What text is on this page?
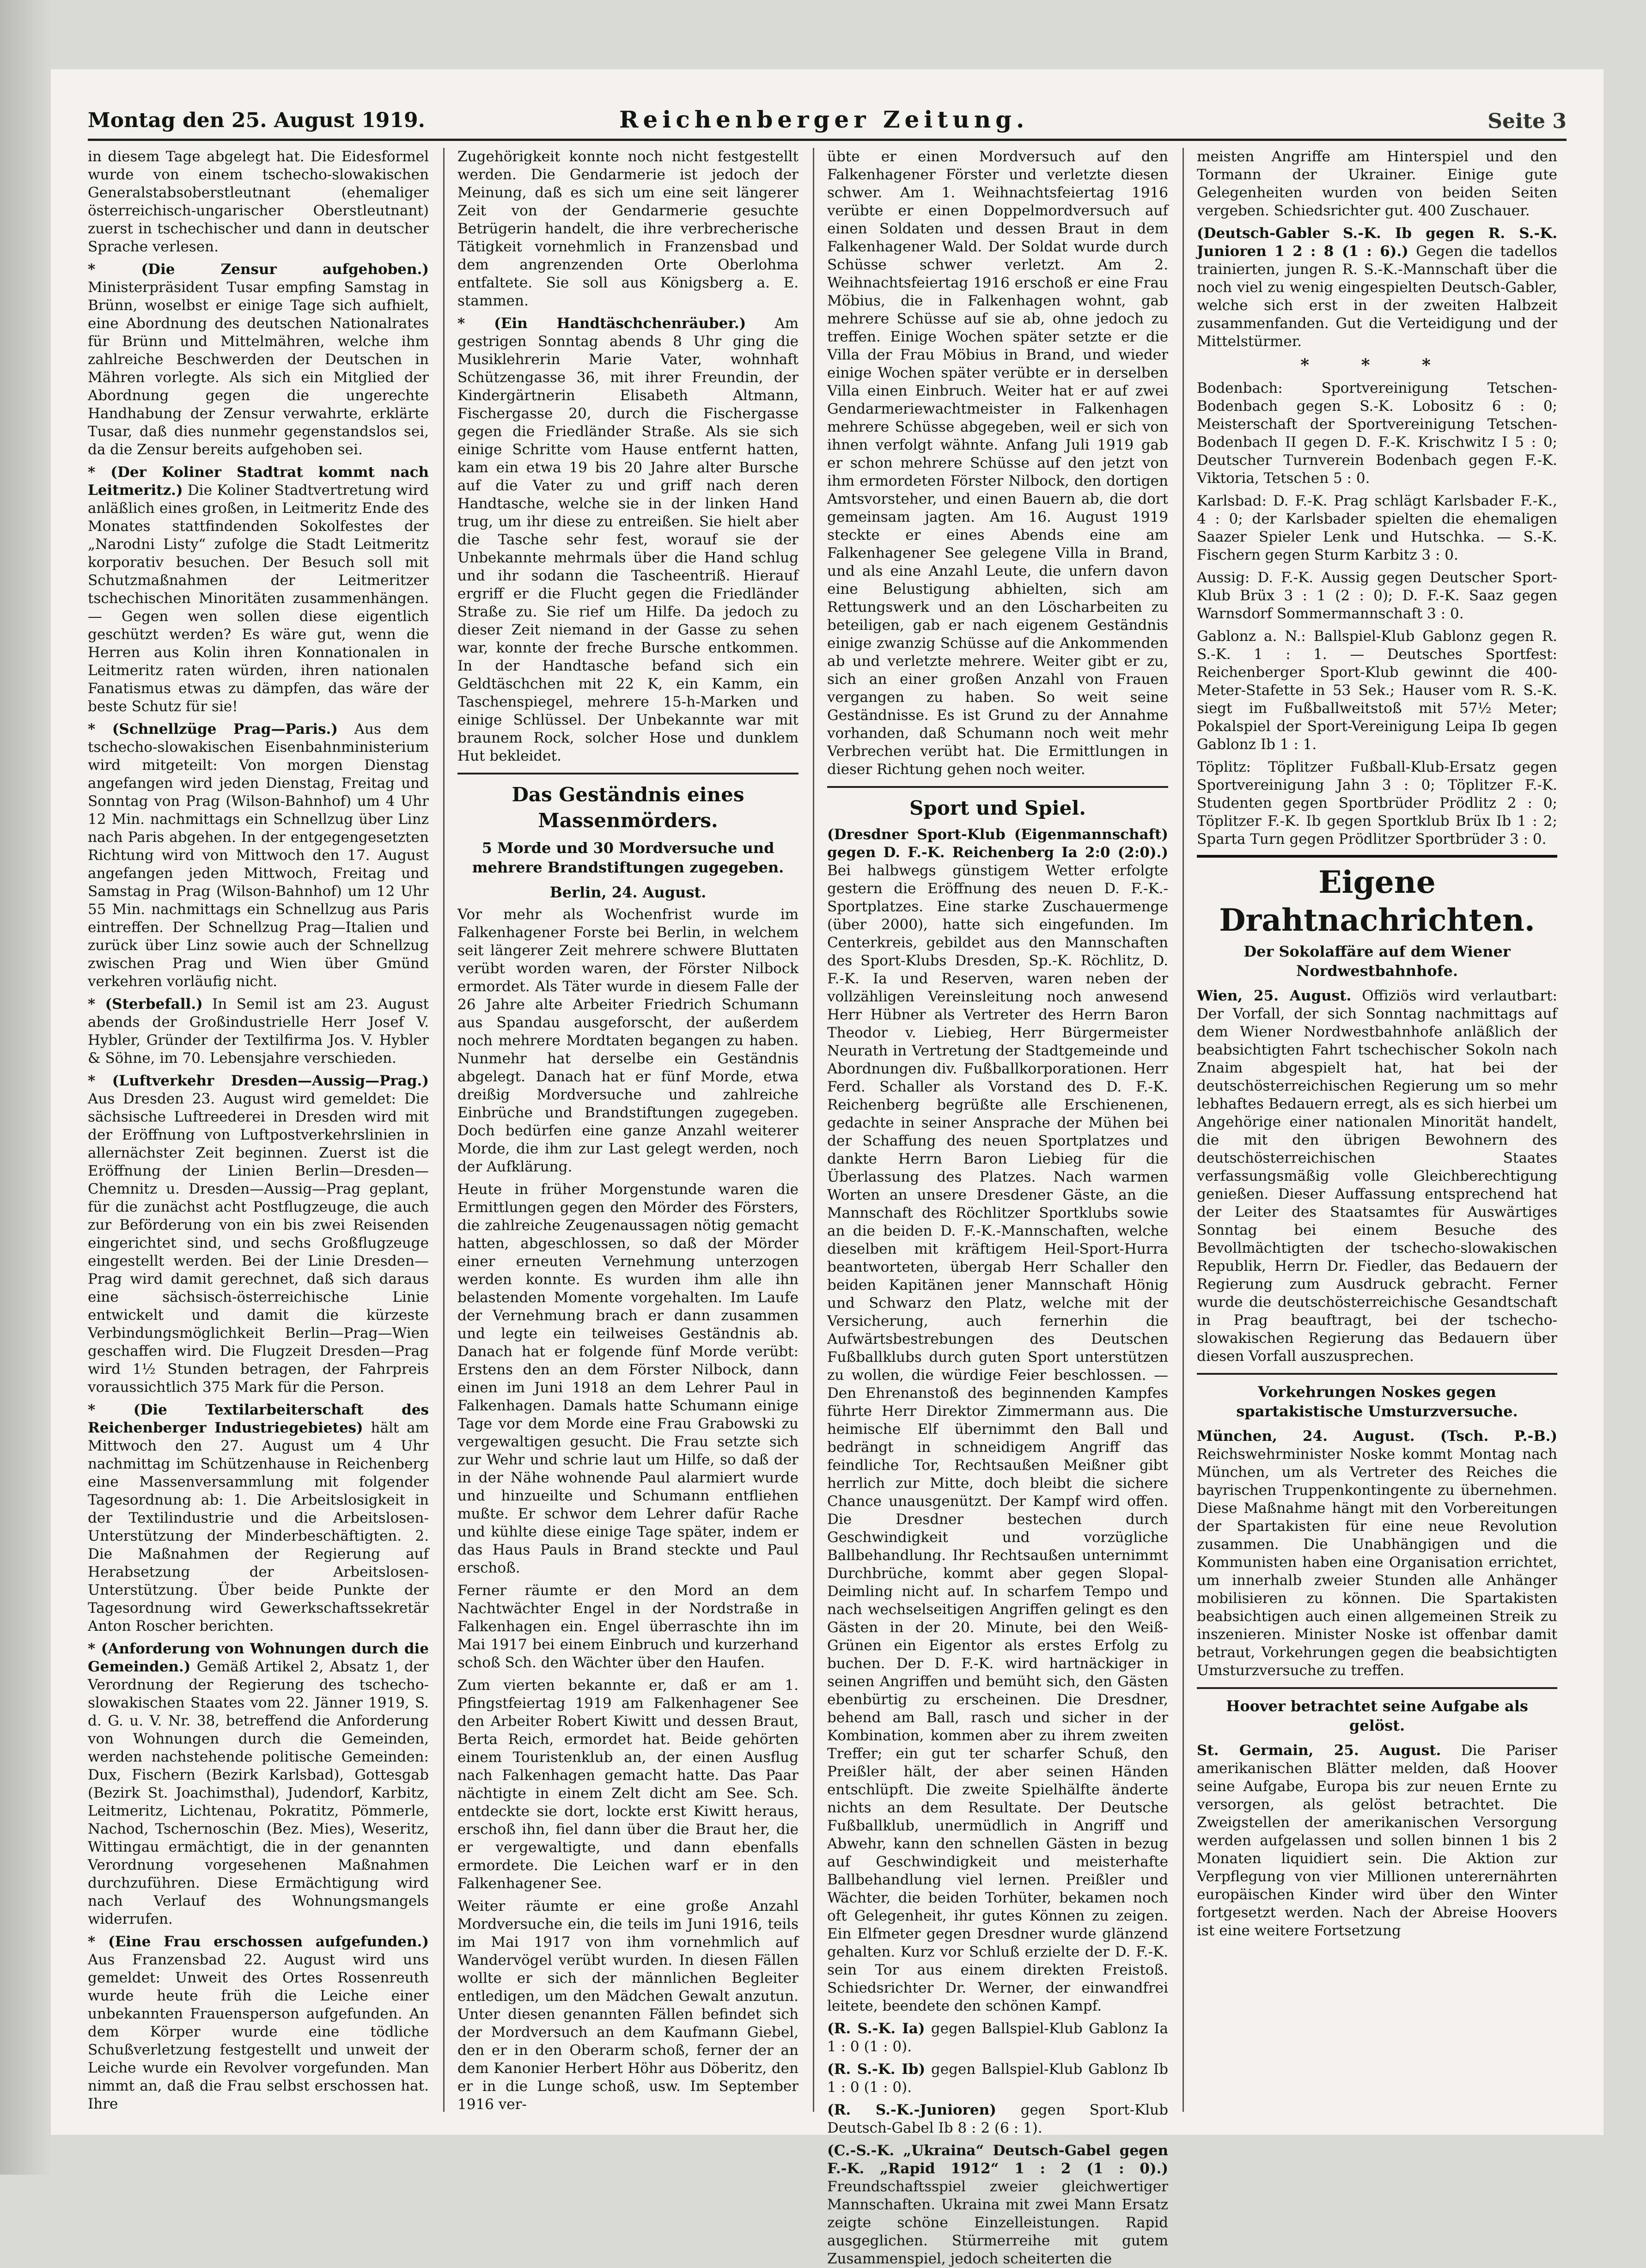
Montag den 25. August 1919.	Reichenberger Zeitung.	Seite 3

in diesem Tage abgelegt hat. Die Eidesformel wurde von einem tschecho-slowakischen Generalstabsoberstleutnant (ehemaliger österreichisch-ungarischer Oberstleutnant) zuerst in tschechischer und dann in deutscher Sprache verlesen.

* (Die Zensur aufgehoben.) Ministerpräsident Tusar empfing Samstag in Brünn, woselbst er einige Tage sich aufhielt, eine Abordnung des deutschen Nationalrates für Brünn und Mittelmähren, welche ihm zahlreiche Beschwerden der Deutschen in Mähren vorlegte. Als sich ein Mitglied der Abordnung gegen die ungerechte Handhabung der Zensur verwahrte, erklärte Tusar, daß dies nunmehr gegenstandslos sei, da die Zensur bereits aufgehoben sei.

* (Der Koliner Stadtrat kommt nach Leitmeritz.) Die Koliner Stadtvertretung wird anläßlich eines großen, in Leitmeritz Ende des Monates stattfindenden Sokolfestes der „Narodni Listy“ zufolge die Stadt Leitmeritz korporativ besuchen. Der Besuch soll mit Schutzmaßnahmen der Leitmeritzer tschechischen Minoritäten zusammenhängen. — Gegen wen sollen diese eigentlich geschützt werden? Es wäre gut, wenn die Herren aus Kolin ihren Konnationalen in Leitmeritz raten würden, ihren nationalen Fanatismus etwas zu dämpfen, das wäre der beste Schutz für sie!

* (Schnellzüge Prag—Paris.) Aus dem tschecho-slowakischen Eisenbahnministerium wird mitgeteilt: Von morgen Dienstag angefangen wird jeden Dienstag, Freitag und Sonntag von Prag (Wilson-Bahnhof) um 4 Uhr 12 Min. nachmittags ein Schnellzug über Linz nach Paris abgehen. In der entgegengesetzten Richtung wird von Mittwoch den 17. August angefangen jeden Mittwoch, Freitag und Samstag in Prag (Wilson-Bahnhof) um 12 Uhr 55 Min. nachmittags ein Schnellzug aus Paris eintreffen. Der Schnellzug Prag—Italien und zurück über Linz sowie auch der Schnellzug zwischen Prag und Wien über Gmünd verkehren vorläufig nicht.

* (Sterbefall.) In Semil ist am 23. August abends der Großindustrielle Herr Josef V. Hybler, Gründer der Textilfirma Jos. V. Hybler & Söhne, im 70. Lebensjahre verschieden.

* (Luftverkehr Dresden—Aussig—Prag.) Aus Dresden 23. August wird gemeldet: Die sächsische Luftreederei in Dresden wird mit der Eröffnung von Luftpostverkehrslinien in allernächster Zeit beginnen. Zuerst ist die Eröffnung der Linien Berlin—Dresden—Chemnitz u. Dresden—Aussig—Prag geplant, für die zunächst acht Postflugzeuge, die auch zur Beförderung von ein bis zwei Reisenden eingerichtet sind, und sechs Großflugzeuge eingestellt werden. Bei der Linie Dresden—Prag wird damit gerechnet, daß sich daraus eine sächsisch-österreichische Linie entwickelt und damit die kürzeste Verbindungsmöglichkeit Berlin—Prag—Wien geschaffen wird. Die Flugzeit Dresden—Prag wird 1½ Stunden betragen, der Fahrpreis voraussichtlich 375 Mark für die Person.

* (Die Textilarbeiterschaft des Reichenberger Industriegebietes) hält am Mittwoch den 27. August um 4 Uhr nachmittag im Schützenhause in Reichenberg eine Massenversammlung mit folgender Tagesordnung ab: 1. Die Arbeitslosigkeit in der Textilindustrie und die Arbeitslosen-Unterstützung der Minderbeschäftigten. 2. Die Maßnahmen der Regierung auf Herabsetzung der Arbeitslosen-Unterstützung. Über beide Punkte der Tagesordnung wird Gewerkschaftssekretär Anton Roscher berichten.

* (Anforderung von Wohnungen durch die Gemeinden.) Gemäß Artikel 2, Absatz 1, der Verordnung der Regierung des tschecho-slowakischen Staates vom 22. Jänner 1919, S. d. G. u. V. Nr. 38, betreffend die Anforderung von Wohnungen durch die Gemeinden, werden nachstehende politische Gemeinden: Dux, Fischern (Bezirk Karlsbad), Gottesgab (Bezirk St. Joachimsthal), Judendorf, Karbitz, Leitmeritz, Lichtenau, Pokratitz, Pömmerle, Nachod, Tschernoschin (Bez. Mies), Weseritz, Wittingau ermächtigt, die in der genannten Verordnung vorgesehenen Maßnahmen durchzuführen. Diese Ermächtigung wird nach Verlauf des Wohnungsmangels widerrufen.

* (Eine Frau erschossen aufgefunden.) Aus Franzensbad 22. August wird uns gemeldet: Unweit des Ortes Rossenreuth wurde heute früh die Leiche einer unbekannten Frauensperson aufgefunden. An dem Körper wurde eine tödliche Schußverletzung festgestellt und unweit der Leiche wurde ein Revolver vorgefunden. Man nimmt an, daß die Frau selbst erschossen hat. Ihre

Zugehörigkeit konnte noch nicht festgestellt werden. Die Gendarmerie ist jedoch der Meinung, daß es sich um eine seit längerer Zeit von der Gendarmerie gesuchte Betrügerin handelt, die ihre verbrecherische Tätigkeit vornehmlich in Franzensbad und dem angrenzenden Orte Oberlohma entfaltete. Sie soll aus Königsberg a. E. stammen.

* (Ein Handtäschchenräuber.) Am gestrigen Sonntag abends 8 Uhr ging die Musiklehrerin Marie Vater, wohnhaft Schützengasse 36, mit ihrer Freundin, der Kindergärtnerin Elisabeth Altmann, Fischergasse 20, durch die Fischergasse gegen die Friedländer Straße. Als sie sich einige Schritte vom Hause entfernt hatten, kam ein etwa 19 bis 20 Jahre alter Bursche auf die Vater zu und griff nach deren Handtasche, welche sie in der linken Hand trug, um ihr diese zu entreißen. Sie hielt aber die Tasche sehr fest, worauf sie der Unbekannte mehrmals über die Hand schlug und ihr sodann die Tascheentriß. Hierauf ergriff er die Flucht gegen die Friedländer Straße zu. Sie rief um Hilfe. Da jedoch zu dieser Zeit niemand in der Gasse zu sehen war, konnte der freche Bursche entkommen. In der Handtasche befand sich ein Geldtäschchen mit 22 K, ein Kamm, ein Taschenspiegel, mehrere 15-h-Marken und einige Schlüssel. Der Unbekannte war mit braunem Rock, solcher Hose und dunklem Hut bekleidet.

Das Geständnis eines Massenmörders.
5 Morde und 30 Mordversuche und mehrere Brandstiftungen zugegeben.
Berlin, 24. August.

Vor mehr als Wochenfrist wurde im Falkenhagener Forste bei Berlin, in welchem seit längerer Zeit mehrere schwere Bluttaten verübt worden waren, der Förster Nilbock ermordet. Als Täter wurde in diesem Falle der 26 Jahre alte Arbeiter Friedrich Schumann aus Spandau ausgeforscht, der außerdem noch mehrere Mordtaten begangen zu haben. Nunmehr hat derselbe ein Geständnis abgelegt. Danach hat er fünf Morde, etwa dreißig Mordversuche und zahlreiche Einbrüche und Brandstiftungen zugegeben. Doch bedürfen eine ganze Anzahl weiterer Morde, die ihm zur Last gelegt werden, noch der Aufklärung.

Heute in früher Morgenstunde waren die Ermittlungen gegen den Mörder des Försters, die zahlreiche Zeugenaussagen nötig gemacht hatten, abgeschlossen, so daß der Mörder einer erneuten Vernehmung unterzogen werden konnte. Es wurden ihm alle ihn belastenden Momente vorgehalten. Im Laufe der Vernehmung brach er dann zusammen und legte ein teilweises Geständnis ab. Danach hat er folgende fünf Morde verübt: Erstens den an dem Förster Nilbock, dann einen im Juni 1918 an dem Lehrer Paul in Falkenhagen. Damals hatte Schumann einige Tage vor dem Morde eine Frau Grabowski zu vergewaltigen gesucht. Die Frau setzte sich zur Wehr und schrie laut um Hilfe, so daß der in der Nähe wohnende Paul alarmiert wurde und hinzueilte und Schumann entfliehen mußte. Er schwor dem Lehrer dafür Rache und kühlte diese einige Tage später, indem er das Haus Pauls in Brand steckte und Paul erschoß.

Ferner räumte er den Mord an dem Nachtwächter Engel in der Nordstraße in Falkenhagen ein. Engel überraschte ihn im Mai 1917 bei einem Einbruch und kurzerhand schoß Sch. den Wächter über den Haufen.

Zum vierten bekannte er, daß er am 1. Pfingstfeiertag 1919 am Falkenhagener See den Arbeiter Robert Kiwitt und dessen Braut, Berta Reich, ermordet hat. Beide gehörten einem Touristenklub an, der einen Ausflug nach Falkenhagen gemacht hatte. Das Paar nächtigte in einem Zelt dicht am See. Sch. entdeckte sie dort, lockte erst Kiwitt heraus, erschoß ihn, fiel dann über die Braut her, die er vergewaltigte, und dann ebenfalls ermordete. Die Leichen warf er in den Falkenhagener See.

Weiter räumte er eine große Anzahl Mordversuche ein, die teils im Juni 1916, teils im Mai 1917 von ihm vornehmlich auf Wandervögel verübt wurden. In diesen Fällen wollte er sich der männlichen Begleiter entledigen, um den Mädchen Gewalt anzutun. Unter diesen genannten Fällen befindet sich der Mordversuch an dem Kaufmann Giebel, den er in den Oberarm schoß, ferner der an dem Kanonier Herbert Höhr aus Döberitz, den er in die Lunge schoß, usw. Im September 1916 ver-

übte er einen Mordversuch auf den Falkenhagener Förster und verletzte diesen schwer. Am 1. Weihnachtsfeiertag 1916 verübte er einen Doppelmordversuch auf einen Soldaten und dessen Braut in dem Falkenhagener Wald. Der Soldat wurde durch Schüsse schwer verletzt. Am 2. Weihnachtsfeiertag 1916 erschoß er eine Frau Möbius, die in Falkenhagen wohnt, gab mehrere Schüsse auf sie ab, ohne jedoch zu treffen. Einige Wochen später setzte er die Villa der Frau Möbius in Brand, und wieder einige Wochen später verübte er in derselben Villa einen Einbruch. Weiter hat er auf zwei Gendarmeriewachtmeister in Falkenhagen mehrere Schüsse abgegeben, weil er sich von ihnen verfolgt wähnte. Anfang Juli 1919 gab er schon mehrere Schüsse auf den jetzt von ihm ermordeten Förster Nilbock, den dortigen Amtsvorsteher, und einen Bauern ab, die dort gemeinsam jagten. Am 16. August 1919 steckte er eines Abends eine am Falkenhagener See gelegene Villa in Brand, und als eine Anzahl Leute, die unfern davon eine Belustigung abhielten, sich am Rettungswerk und an den Löscharbeiten zu beteiligen, gab er nach eigenem Geständnis einige zwanzig Schüsse auf die Ankommenden ab und verletzte mehrere. Weiter gibt er zu, sich an einer großen Anzahl von Frauen vergangen zu haben. So weit seine Geständnisse. Es ist Grund zu der Annahme vorhanden, daß Schumann noch weit mehr Verbrechen verübt hat. Die Ermittlungen in dieser Richtung gehen noch weiter.

Sport und Spiel.

(Dresdner Sport-Klub (Eigenmannschaft) gegen D. F.-K. Reichenberg Ia 2:0 (2:0).) Bei halbwegs günstigem Wetter erfolgte gestern die Eröffnung des neuen D. F.-K.-Sportplatzes. Eine starke Zuschauermenge (über 2000), hatte sich eingefunden. Im Centerkreis, gebildet aus den Mannschaften des Sport-Klubs Dresden, Sp.-K. Röchlitz, D. F.-K. Ia und Reserven, waren neben der vollzähligen Vereinsleitung noch anwesend Herr Hübner als Vertreter des Herrn Baron Theodor v. Liebieg, Herr Bürgermeister Neurath in Vertretung der Stadtgemeinde und Abordnungen div. Fußballkorporationen. Herr Ferd. Schaller als Vorstand des D. F.-K. Reichenberg begrüßte alle Erschienenen, gedachte in seiner Ansprache der Mühen bei der Schaffung des neuen Sportplatzes und dankte Herrn Baron Liebieg für die Überlassung des Platzes. Nach warmen Worten an unsere Dresdener Gäste, an die Mannschaft des Röchlitzer Sportklubs sowie an die beiden D. F.-K.-Mannschaften, welche dieselben mit kräftigem Heil-Sport-Hurra beantworteten, übergab Herr Schaller den beiden Kapitänen jener Mannschaft Hönig und Schwarz den Platz, welche mit der Versicherung, auch fernerhin die Aufwärtsbestrebungen des Deutschen Fußballklubs durch guten Sport unterstützen zu wollen, die würdige Feier beschlossen. — Den Ehrenanstoß des beginnenden Kampfes führte Herr Direktor Zimmermann aus. Die heimische Elf übernimmt den Ball und bedrängt in schneidigem Angriff das feindliche Tor, Rechtsaußen Meißner gibt herrlich zur Mitte, doch bleibt die sichere Chance unausgenützt. Der Kampf wird offen. Die Dresdner bestechen durch Geschwindigkeit und vorzügliche Ballbehandlung. Ihr Rechtsaußen unternimmt Durchbrüche, kommt aber gegen Slopal-Deimling nicht auf. In scharfem Tempo und nach wechselseitigen Angriffen gelingt es den Gästen in der 20. Minute, bei den Weiß-Grünen ein Eigentor als erstes Erfolg zu buchen. Der D. F.-K. wird hartnäckiger in seinen Angriffen und bemüht sich, den Gästen ebenbürtig zu erscheinen. Die Dresdner, behend am Ball, rasch und sicher in der Kombination, kommen aber zu ihrem zweiten Treffer; ein gut ter scharfer Schuß, den Preißler hält, der aber seinen Händen entschlüpft. Die zweite Spielhälfte änderte nichts an dem Resultate. Der Deutsche Fußballklub, unermüdlich in Angriff und Abwehr, kann den schnellen Gästen in bezug auf Geschwindigkeit und meisterhafte Ballbehandlung viel lernen. Preißler und Wächter, die beiden Torhüter, bekamen noch oft Gelegenheit, ihr gutes Können zu zeigen. Ein Elfmeter gegen Dresdner wurde glänzend gehalten. Kurz vor Schluß erzielte der D. F.-K. sein Tor aus einem direkten Freistoß. Schiedsrichter Dr. Werner, der einwandfrei leitete, beendete den schönen Kampf.

(R. S.-K. Ia) gegen Ballspiel-Klub Gablonz Ia 1 : 0 (1 : 0).

(R. S.-K. Ib) gegen Ballspiel-Klub Gablonz Ib 1 : 0 (1 : 0).

(R. S.-K.-Junioren) gegen Sport-Klub Deutsch-Gabel Ib 8 : 2 (6 : 1).

(C.-S.-K. „Ukraina“ Deutsch-Gabel gegen F.-K. „Rapid 1912“ 1 : 2 (1 : 0).) Freundschaftsspiel zweier gleichwertiger Mannschaften. Ukraina mit zwei Mann Ersatz zeigte schöne Einzelleistungen. Rapid ausgeglichen. Stürmerreihe mit gutem Zusammenspiel, jedoch scheiterten die

meisten Angriffe am Hinterspiel und den Tormann der Ukrainer. Einige gute Gelegenheiten wurden von beiden Seiten vergeben. Schiedsrichter gut. 400 Zuschauer.

(Deutsch-Gabler S.-K. Ib gegen R. S.-K. Junioren 1 2 : 8 (1 : 6).) Gegen die tadellos trainierten, jungen R. S.-K.-Mannschaft über die noch viel zu wenig eingespielten Deutsch-Gabler, welche sich erst in der zweiten Halbzeit zusammenfanden. Gut die Verteidigung und der Mittelstürmer.

* * *

Bodenbach: Sportvereinigung Tetschen-Bodenbach gegen S.-K. Lobositz 6 : 0; Meisterschaft der Sportvereinigung Tetschen-Bodenbach II gegen D. F.-K. Krischwitz I 5 : 0; Deutscher Turnverein Bodenbach gegen F.-K. Viktoria, Tetschen 5 : 0.

Karlsbad: D. F.-K. Prag schlägt Karlsbader F.-K., 4 : 0; der Karlsbader spielten die ehemaligen Saazer Spieler Lenk und Hutschka. — S.-K. Fischern gegen Sturm Karbitz 3 : 0.

Aussig: D. F.-K. Aussig gegen Deutscher Sport-Klub Brüx 3 : 1 (2 : 0); D. F.-K. Saaz gegen Warnsdorf Sommermannschaft 3 : 0.

Gablonz a. N.: Ballspiel-Klub Gablonz gegen R. S.-K. 1 : 1. — Deutsches Sportfest: Reichenberger Sport-Klub gewinnt die 400-Meter-Stafette in 53 Sek.; Hauser vom R. S.-K. siegt im Fußballweitstoß mit 57½ Meter; Pokalspiel der Sport-Vereinigung Leipa Ib gegen Gablonz Ib 1 : 1.

Töplitz: Töplitzer Fußball-Klub-Ersatz gegen Sportvereinigung Jahn 3 : 0; Töplitzer F.-K. Studenten gegen Sportbrüder Prödlitz 2 : 0; Töplitzer F.-K. Ib gegen Sportklub Brüx Ib 1 : 2; Sparta Turn gegen Prödlitzer Sportbrüder 3 : 0.

Eigene Drahtnachrichten.
Der Sokolaffäre auf dem Wiener Nordwestbahnhofe.

Wien, 25. August. Offiziös wird verlautbart: Der Vorfall, der sich Sonntag nachmittags auf dem Wiener Nordwestbahnhofe anläßlich der beabsichtigten Fahrt tschechischer Sokoln nach Znaim abgespielt hat, hat bei der deutschösterreichischen Regierung um so mehr lebhaftes Bedauern erregt, als es sich hierbei um Angehörige einer nationalen Minorität handelt, die mit den übrigen Bewohnern des deutschösterreichischen Staates verfassungsmäßig volle Gleichberechtigung genießen. Dieser Auffassung entsprechend hat der Leiter des Staatsamtes für Auswärtiges Sonntag bei einem Besuche des Bevollmächtigten der tschecho-slowakischen Republik, Herrn Dr. Fiedler, das Bedauern der Regierung zum Ausdruck gebracht. Ferner wurde die deutschösterreichische Gesandtschaft in Prag beauftragt, bei der tschecho-slowakischen Regierung das Bedauern über diesen Vorfall auszusprechen.

Vorkehrungen Noskes gegen spartakistische Umsturzversuche.

München, 24. August. (Tsch. P.-B.) Reichswehrminister Noske kommt Montag nach München, um als Vertreter des Reiches die bayrischen Truppenkontingente zu übernehmen. Diese Maßnahme hängt mit den Vorbereitungen der Spartakisten für eine neue Revolution zusammen. Die Unabhängigen und die Kommunisten haben eine Organisation errichtet, um innerhalb zweier Stunden alle Anhänger mobilisieren zu können. Die Spartakisten beabsichtigen auch einen allgemeinen Streik zu inszenieren. Minister Noske ist offenbar damit betraut, Vorkehrungen gegen die beabsichtigten Umsturzversuche zu treffen.

Hoover betrachtet seine Aufgabe als gelöst.

St. Germain, 25. August. Die Pariser amerikanischen Blätter melden, daß Hoover seine Aufgabe, Europa bis zur neuen Ernte zu versorgen, als gelöst betrachtet. Die Zweigstellen der amerikanischen Versorgung werden aufgelassen und sollen binnen 1 bis 2 Monaten liquidiert sein. Die Aktion zur Verpflegung von vier Millionen unterernährten europäischen Kinder wird über den Winter fortgesetzt werden. Nach der Abreise Hoovers ist eine weitere Fortsetzung
